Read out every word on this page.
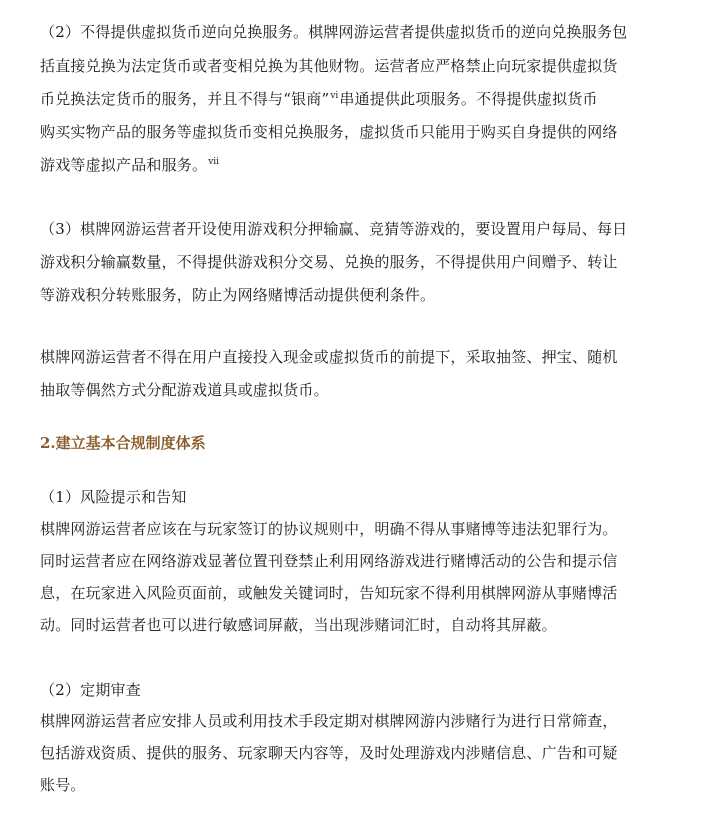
（2）不得提供虚拟货币逆向兑换服务。棋牌网游运营者提供虚拟货币的逆向兑换服务包
括直接兑换为法定货币或者变相兑换为其他财物。运营者应严格禁止向玩家提供虚拟货
币兑换法定货币的服务，并且不得与“银商”$^{vi}$串通提供此项服务。不得提供虚拟货币
购买实物产品的服务等虚拟货币变相兑换服务，虚拟货币只能用于购买自身提供的网络
游戏等虚拟产品和服务。$^{vii}$
（3）棋牌网游运营者开设使用游戏积分押输赢、竞猜等游戏的，要设置用户每局、每日
游戏积分输赢数量，不得提供游戏积分交易、兑换的服务，不得提供用户间赠予、转让
等游戏积分转账服务，防止为网络赌博活动提供便利条件。
棋牌网游运营者不得在用户直接投入现金或虚拟货币的前提下，采取抽签、押宝、随机
抽取等偶然方式分配游戏道具或虚拟货币。
2.建立基本合规制度体系
（1）风险提示和告知
棋牌网游运营者应该在与玩家签订的协议规则中，明确不得从事赌博等违法犯罪行为。
同时运营者应在网络游戏显著位置刊登禁止利用网络游戏进行赌博活动的公告和提示信
息，在玩家进入风险页面前，或触发关键词时，告知玩家不得利用棋牌网游从事赌博活
动。同时运营者也可以进行敏感词屏蔽，当出现涉赌词汇时，自动将其屏蔽。
（2）定期审查
棋牌网游运营者应安排人员或利用技术手段定期对棋牌网游内涉赌行为进行日常筛查，
包括游戏资质、提供的服务、玩家聊天内容等，及时处理游戏内涉赌信息、广告和可疑
账号。
